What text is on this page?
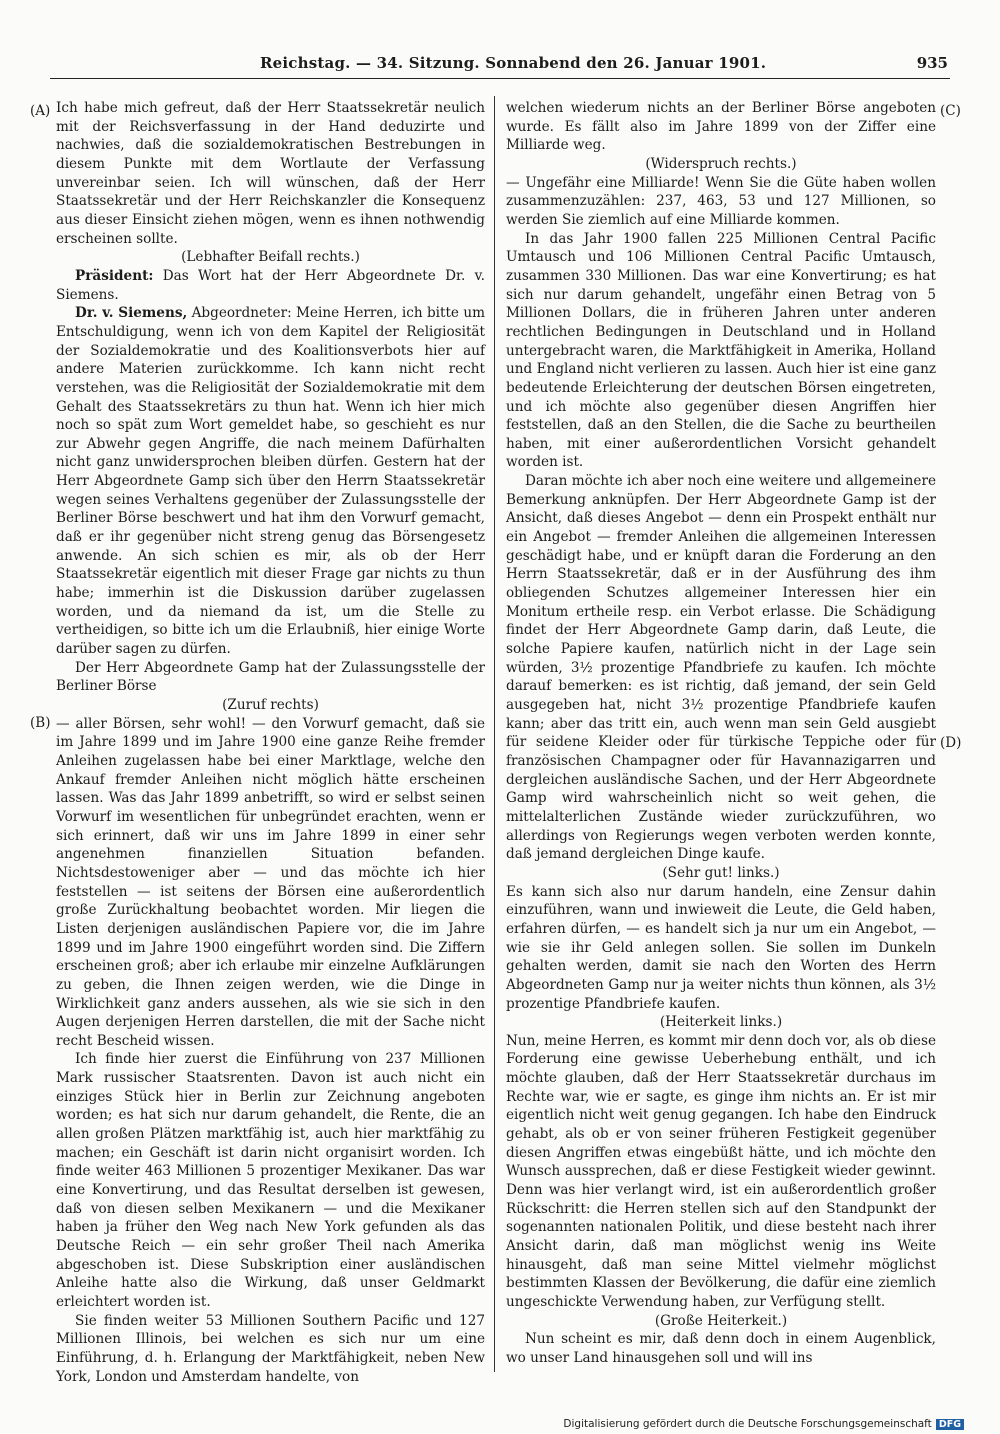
Reichstag. — 34. Sitzung. Sonnabend den 26. Januar 1901.	935
(A)
(B)
(C)
(D)

Ich habe mich gefreut, daß der Herr Staatssekretär neulich mit der Reichsverfassung in der Hand deduzirte und nachwies, daß die sozialdemokratischen Bestrebungen in diesem Punkte mit dem Wortlaute der Verfassung unvereinbar seien. Ich will wünschen, daß der Herr Staatssekretär und der Herr Reichskanzler die Konsequenz aus dieser Einsicht ziehen mögen, wenn es ihnen nothwendig erscheinen sollte.

(Lebhafter Beifall rechts.)

Präsident: Das Wort hat der Herr Abgeordnete Dr. v. Siemens.

Dr. v. Siemens, Abgeordneter: Meine Herren, ich bitte um Entschuldigung, wenn ich von dem Kapitel der Religiosität der Sozialdemokratie und des Koalitionsverbots hier auf andere Materien zurückkomme. Ich kann nicht recht verstehen, was die Religiosität der Sozialdemokratie mit dem Gehalt des Staatssekretärs zu thun hat. Wenn ich hier mich noch so spät zum Wort gemeldet habe, so geschieht es nur zur Abwehr gegen Angriffe, die nach meinem Dafürhalten nicht ganz unwidersprochen bleiben dürfen. Gestern hat der Herr Abgeordnete Gamp sich über den Herrn Staatssekretär wegen seines Verhaltens gegenüber der Zulassungsstelle der Berliner Börse beschwert und hat ihm den Vorwurf gemacht, daß er ihr gegenüber nicht streng genug das Börsengesetz anwende. An sich schien es mir, als ob der Herr Staatssekretär eigentlich mit dieser Frage gar nichts zu thun habe; immerhin ist die Diskussion darüber zugelassen worden, und da niemand da ist, um die Stelle zu vertheidigen, so bitte ich um die Erlaubniß, hier einige Worte darüber sagen zu dürfen.

Der Herr Abgeordnete Gamp hat der Zulassungsstelle der Berliner Börse

(Zuruf rechts)

— aller Börsen, sehr wohl! — den Vorwurf gemacht, daß sie im Jahre 1899 und im Jahre 1900 eine ganze Reihe fremder Anleihen zugelassen habe bei einer Marktlage, welche den Ankauf fremder Anleihen nicht möglich hätte erscheinen lassen. Was das Jahr 1899 anbetrifft, so wird er selbst seinen Vorwurf im wesentlichen für unbegründet erachten, wenn er sich erinnert, daß wir uns im Jahre 1899 in einer sehr angenehmen finanziellen Situation befanden. Nichtsdestoweniger aber — und das möchte ich hier feststellen — ist seitens der Börsen eine außerordentlich große Zurückhaltung beobachtet worden. Mir liegen die Listen derjenigen ausländischen Papiere vor, die im Jahre 1899 und im Jahre 1900 eingeführt worden sind. Die Ziffern erscheinen groß; aber ich erlaube mir einzelne Aufklärungen zu geben, die Ihnen zeigen werden, wie die Dinge in Wirklichkeit ganz anders aussehen, als wie sie sich in den Augen derjenigen Herren darstellen, die mit der Sache nicht recht Bescheid wissen.

Ich finde hier zuerst die Einführung von 237 Millionen Mark russischer Staatsrenten. Davon ist auch nicht ein einziges Stück hier in Berlin zur Zeichnung angeboten worden; es hat sich nur darum gehandelt, die Rente, die an allen großen Plätzen marktfähig ist, auch hier marktfähig zu machen; ein Geschäft ist darin nicht organisirt worden. Ich finde weiter 463 Millionen 5 prozentiger Mexikaner. Das war eine Konvertirung, und das Resultat derselben ist gewesen, daß von diesen selben Mexikanern — und die Mexikaner haben ja früher den Weg nach New York gefunden als das Deutsche Reich — ein sehr großer Theil nach Amerika abgeschoben ist. Diese Subskription einer ausländischen Anleihe hatte also die Wirkung, daß unser Geldmarkt erleichtert worden ist.

Sie finden weiter 53 Millionen Southern Pacific und 127 Millionen Illinois, bei welchen es sich nur um eine Einführung, d. h. Erlangung der Marktfähigkeit, neben New York, London und Amsterdam handelte, von

welchen wiederum nichts an der Berliner Börse angeboten wurde. Es fällt also im Jahre 1899 von der Ziffer eine Milliarde weg.

(Widerspruch rechts.)

— Ungefähr eine Milliarde! Wenn Sie die Güte haben wollen zusammenzuzählen: 237, 463, 53 und 127 Millionen, so werden Sie ziemlich auf eine Milliarde kommen.

In das Jahr 1900 fallen 225 Millionen Central Pacific Umtausch und 106 Millionen Central Pacific Umtausch, zusammen 330 Millionen. Das war eine Konvertirung; es hat sich nur darum gehandelt, ungefähr einen Betrag von 5 Millionen Dollars, die in früheren Jahren unter anderen rechtlichen Bedingungen in Deutschland und in Holland untergebracht waren, die Marktfähigkeit in Amerika, Holland und England nicht verlieren zu lassen. Auch hier ist eine ganz bedeutende Erleichterung der deutschen Börsen eingetreten, und ich möchte also gegenüber diesen Angriffen hier feststellen, daß an den Stellen, die die Sache zu beurtheilen haben, mit einer außerordentlichen Vorsicht gehandelt worden ist.

Daran möchte ich aber noch eine weitere und allgemeinere Bemerkung anknüpfen. Der Herr Abgeordnete Gamp ist der Ansicht, daß dieses Angebot — denn ein Prospekt enthält nur ein Angebot — fremder Anleihen die allgemeinen Interessen geschädigt habe, und er knüpft daran die Forderung an den Herrn Staatssekretär, daß er in der Ausführung des ihm obliegenden Schutzes allgemeiner Interessen hier ein Monitum ertheile resp. ein Verbot erlasse. Die Schädigung findet der Herr Abgeordnete Gamp darin, daß Leute, die solche Papiere kaufen, natürlich nicht in der Lage sein würden, 3½ prozentige Pfandbriefe zu kaufen. Ich möchte darauf bemerken: es ist richtig, daß jemand, der sein Geld ausgegeben hat, nicht 3½ prozentige Pfandbriefe kaufen kann; aber das tritt ein, auch wenn man sein Geld ausgiebt für seidene Kleider oder für türkische Teppiche oder für französischen Champagner oder für Havannazigarren und dergleichen ausländische Sachen, und der Herr Abgeordnete Gamp wird wahrscheinlich nicht so weit gehen, die mittelalterlichen Zustände wieder zurückzuführen, wo allerdings von Regierungs wegen verboten werden konnte, daß jemand dergleichen Dinge kaufe.

(Sehr gut! links.)

Es kann sich also nur darum handeln, eine Zensur dahin einzuführen, wann und inwieweit die Leute, die Geld haben, erfahren dürfen, — es handelt sich ja nur um ein Angebot, — wie sie ihr Geld anlegen sollen. Sie sollen im Dunkeln gehalten werden, damit sie nach den Worten des Herrn Abgeordneten Gamp nur ja weiter nichts thun können, als 3½ prozentige Pfandbriefe kaufen.

(Heiterkeit links.)

Nun, meine Herren, es kommt mir denn doch vor, als ob diese Forderung eine gewisse Ueberhebung enthält, und ich möchte glauben, daß der Herr Staatssekretär durchaus im Rechte war, wie er sagte, es ginge ihm nichts an. Er ist mir eigentlich nicht weit genug gegangen. Ich habe den Eindruck gehabt, als ob er von seiner früheren Festigkeit gegenüber diesen Angriffen etwas eingebüßt hätte, und ich möchte den Wunsch aussprechen, daß er diese Festigkeit wieder gewinnt. Denn was hier verlangt wird, ist ein außerordentlich großer Rückschritt: die Herren stellen sich auf den Standpunkt der sogenannten nationalen Politik, und diese besteht nach ihrer Ansicht darin, daß man möglichst wenig ins Weite hinausgeht, daß man seine Mittel vielmehr möglichst bestimmten Klassen der Bevölkerung, die dafür eine ziemlich ungeschickte Verwendung haben, zur Verfügung stellt.

(Große Heiterkeit.)

Nun scheint es mir, daß denn doch in einem Augenblick, wo unser Land hinausgehen soll und will ins

Digitalisierung gefördert durch die Deutsche Forschungsgemeinschaft DFG
